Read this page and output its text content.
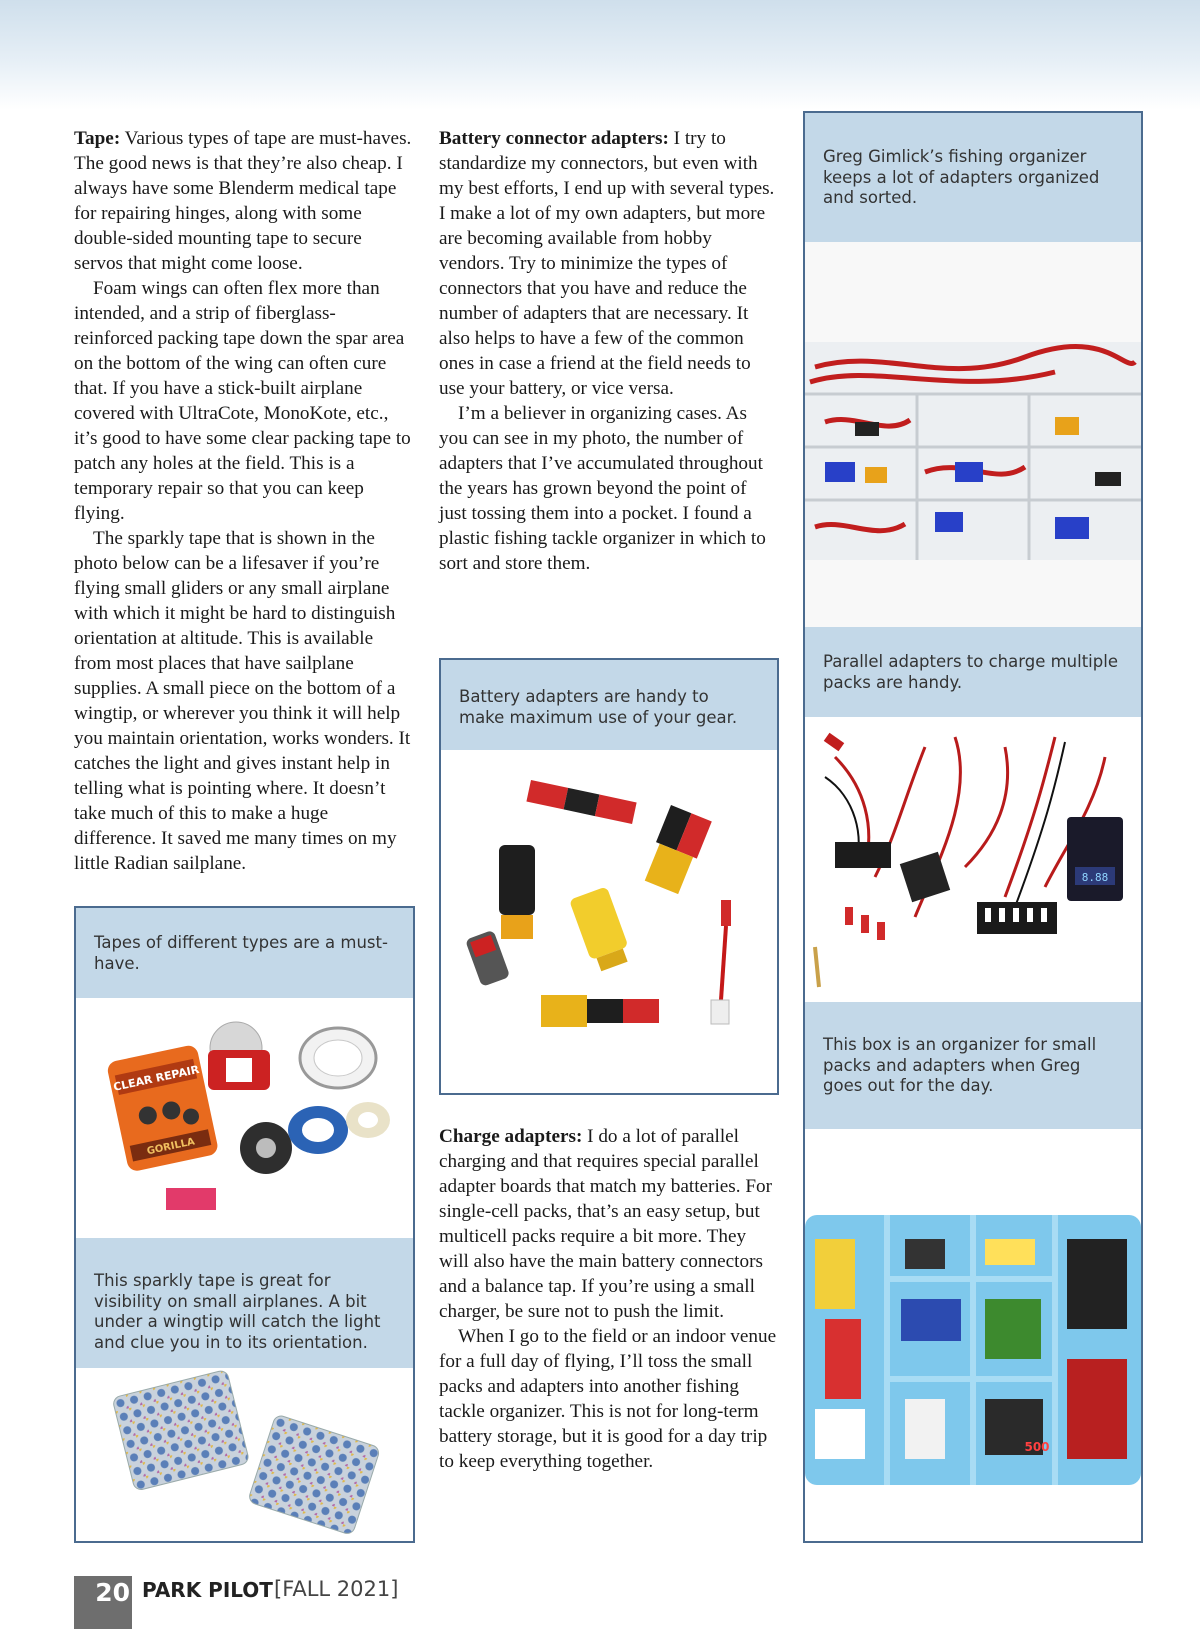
Tape: Various types of tape are must-haves. The good news is that they’re also cheap. I always have some Blenderm medical tape for repairing hinges, along with some double-sided mounting tape to secure servos that might come loose.

Foam wings can often flex more than intended, and a strip of fiberglass-reinforced packing tape down the spar area on the bottom of the wing can often cure that. If you have a stick-built airplane covered with UltraCote, MonoKote, etc., it’s good to have some clear packing tape to patch any holes at the field. This is a temporary repair so that you can keep flying.

The sparkly tape that is shown in the photo below can be a lifesaver if you’re flying small gliders or any small airplane with which it might be hard to distinguish orientation at altitude. This is available from most places that have sailplane supplies. A small piece on the bottom of a wingtip, or wherever you think it will help you maintain orientation, works wonders. It catches the light and gives instant help in telling what is pointing where. It doesn’t take much of this to make a huge difference. It saved me many times on my little Radian sailplane.

Battery connector adapters: I try to standardize my connectors, but even with my best efforts, I end up with several types. I make a lot of my own adapters, but more are becoming available from hobby vendors. Try to minimize the types of connectors that you have and reduce the number of adapters that are necessary. It also helps to have a few of the common ones in case a friend at the field needs to use your battery, or vice versa.

I’m a believer in organizing cases. As you can see in my photo, the number of adapters that I’ve accumulated throughout the years has grown beyond the point of just tossing them into a pocket. I found a plastic fishing tackle organizer in which to sort and store them.

Charge adapters: I do a lot of parallel charging and that requires special parallel adapter boards that match my batteries. For single-cell packs, that’s an easy setup, but multicell packs require a bit more. They will also have the main battery connectors and a balance tap. If you’re using a small charger, be sure not to push the limit.

When I go to the field or an indoor venue for a full day of flying, I’ll toss the small packs and adapters into another fishing tackle organizer. This is not for long-term battery storage, but it is good for a day trip to keep everything together.

Tapes of different types are a must-have.
CLEAR REPAIR
GORILLA
This sparkly tape is great for visibility on small airplanes. A bit under a wingtip will catch the light and clue you in to its orientation.
Battery adapters are handy to make maximum use of your gear.
Greg Gimlick’s fishing organizer keeps a lot of adapters organized and sorted.
Parallel adapters to charge multiple packs are handy.
8.88
This box is an organizer for small packs and adapters when Greg goes out for the day.
500
20 PARK PILOT [FALL 2021]
